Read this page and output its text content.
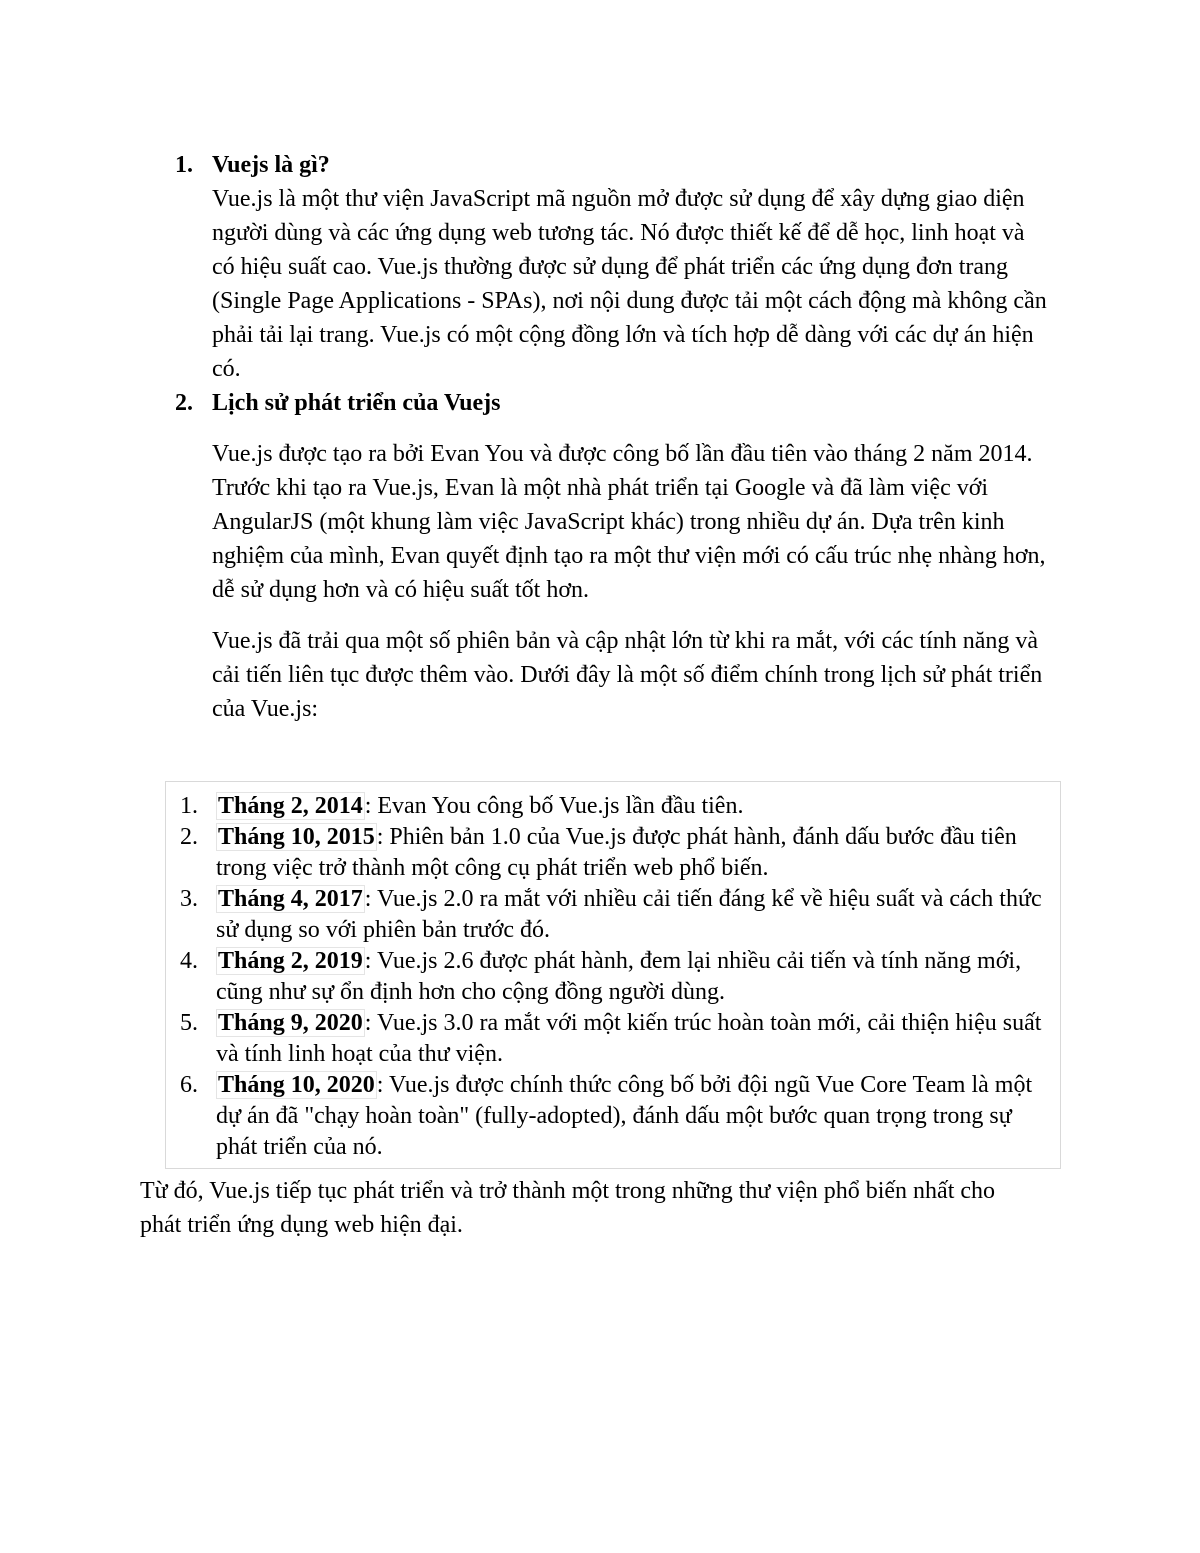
1. Vuejs là gì?

Vue.js là một thư viện JavaScript mã nguồn mở được sử dụng để xây dựng giao diện người dùng và các ứng dụng web tương tác. Nó được thiết kế để dễ học, linh hoạt và có hiệu suất cao. Vue.js thường được sử dụng để phát triển các ứng dụng đơn trang (Single Page Applications - SPAs), nơi nội dung được tải một cách động mà không cần phải tải lại trang. Vue.js có một cộng đồng lớn và tích hợp dễ dàng với các dự án hiện có.

2. Lịch sử phát triển của Vuejs

Vue.js được tạo ra bởi Evan You và được công bố lần đầu tiên vào tháng 2 năm 2014. Trước khi tạo ra Vue.js, Evan là một nhà phát triển tại Google và đã làm việc với AngularJS (một khung làm việc JavaScript khác) trong nhiều dự án. Dựa trên kinh nghiệm của mình, Evan quyết định tạo ra một thư viện mới có cấu trúc nhẹ nhàng hơn, dễ sử dụng hơn và có hiệu suất tốt hơn.

Vue.js đã trải qua một số phiên bản và cập nhật lớn từ khi ra mắt, với các tính năng và cải tiến liên tục được thêm vào. Dưới đây là một số điểm chính trong lịch sử phát triển của Vue.js:

1. Tháng 2, 2014: Evan You công bố Vue.js lần đầu tiên.
2. Tháng 10, 2015: Phiên bản 1.0 của Vue.js được phát hành, đánh dấu bước đầu tiên trong việc trở thành một công cụ phát triển web phổ biến.
3. Tháng 4, 2017: Vue.js 2.0 ra mắt với nhiều cải tiến đáng kể về hiệu suất và cách thức sử dụng so với phiên bản trước đó.
4. Tháng 2, 2019: Vue.js 2.6 được phát hành, đem lại nhiều cải tiến và tính năng mới, cũng như sự ổn định hơn cho cộng đồng người dùng.
5. Tháng 9, 2020: Vue.js 3.0 ra mắt với một kiến trúc hoàn toàn mới, cải thiện hiệu suất và tính linh hoạt của thư viện.
6. Tháng 10, 2020: Vue.js được chính thức công bố bởi đội ngũ Vue Core Team là một dự án đã "chạy hoàn toàn" (fully-adopted), đánh dấu một bước quan trọng trong sự phát triển của nó.

Từ đó, Vue.js tiếp tục phát triển và trở thành một trong những thư viện phổ biến nhất cho phát triển ứng dụng web hiện đại.
